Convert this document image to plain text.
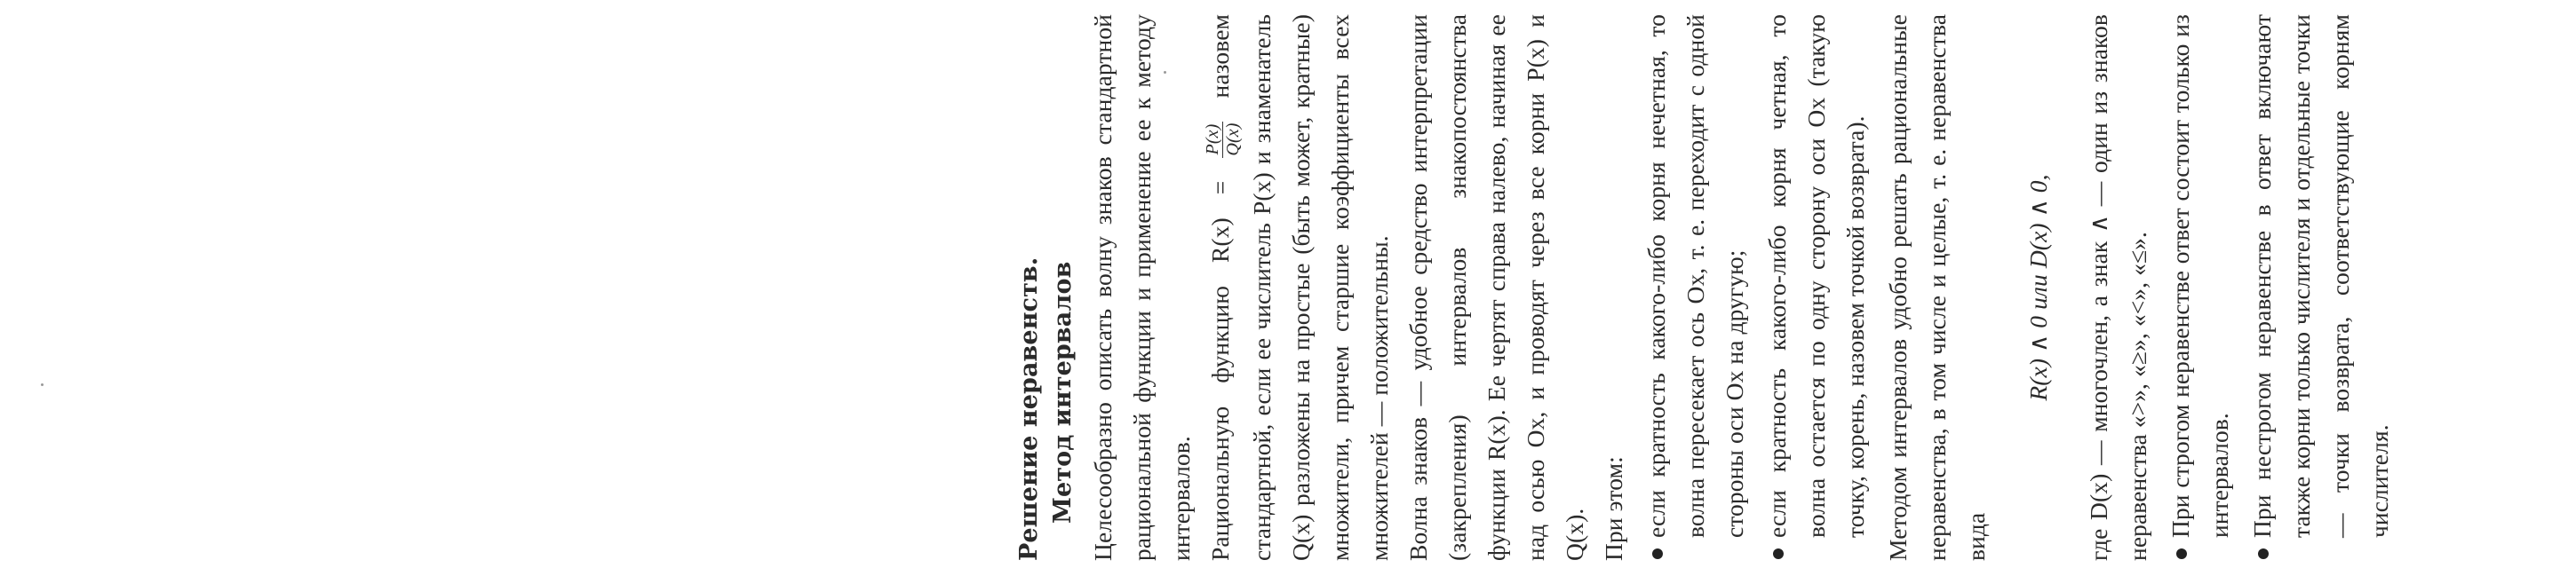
Решение неравенств. Метод интервалов Целесообразно описать волну знаков стандартной рациональной функции и применение ее к методу интервалов. Рациональную функцию R(x) =
P(x) Q(x)
назовем стандартной, если ее числитель P(x) и знаменатель Q(x) разложены на простые (быть может, кратные) множители, причем старшие коэффициенты всех множителей — положительны. Волна знаков — удобное средство интерпретации (закрепления) интервалов знакопостоянства функции R(x). Ее чертят справа налево, начиная ее над осью Ox, и проводят через все корни P(x) и Q(x). При этом: если кратность какого-либо корня нечетная, то волна пересекает ось Ox, т. е. переходит с одной стороны оси Ox на другую; если кратность какого-либо корня четная, то волна остается по одну сторону оси Ox (такую точку, корень, назовем точкой возврата). Методом интервалов удобно решать рациональные неравенства, в том числе и целые, т. е. неравенства вида

R(x) ∧ 0 или D(x) ∧ 0, где D(x) — многочлен, а знак ∧ — один из знаков неравенства «>», «≥», «<», «≤». При строгом неравенстве ответ состоит только из интервалов. При нестрогом неравенстве в ответ включают также корни только числителя и отдельные точки — точки возврата, соответствующие корням числителя.
